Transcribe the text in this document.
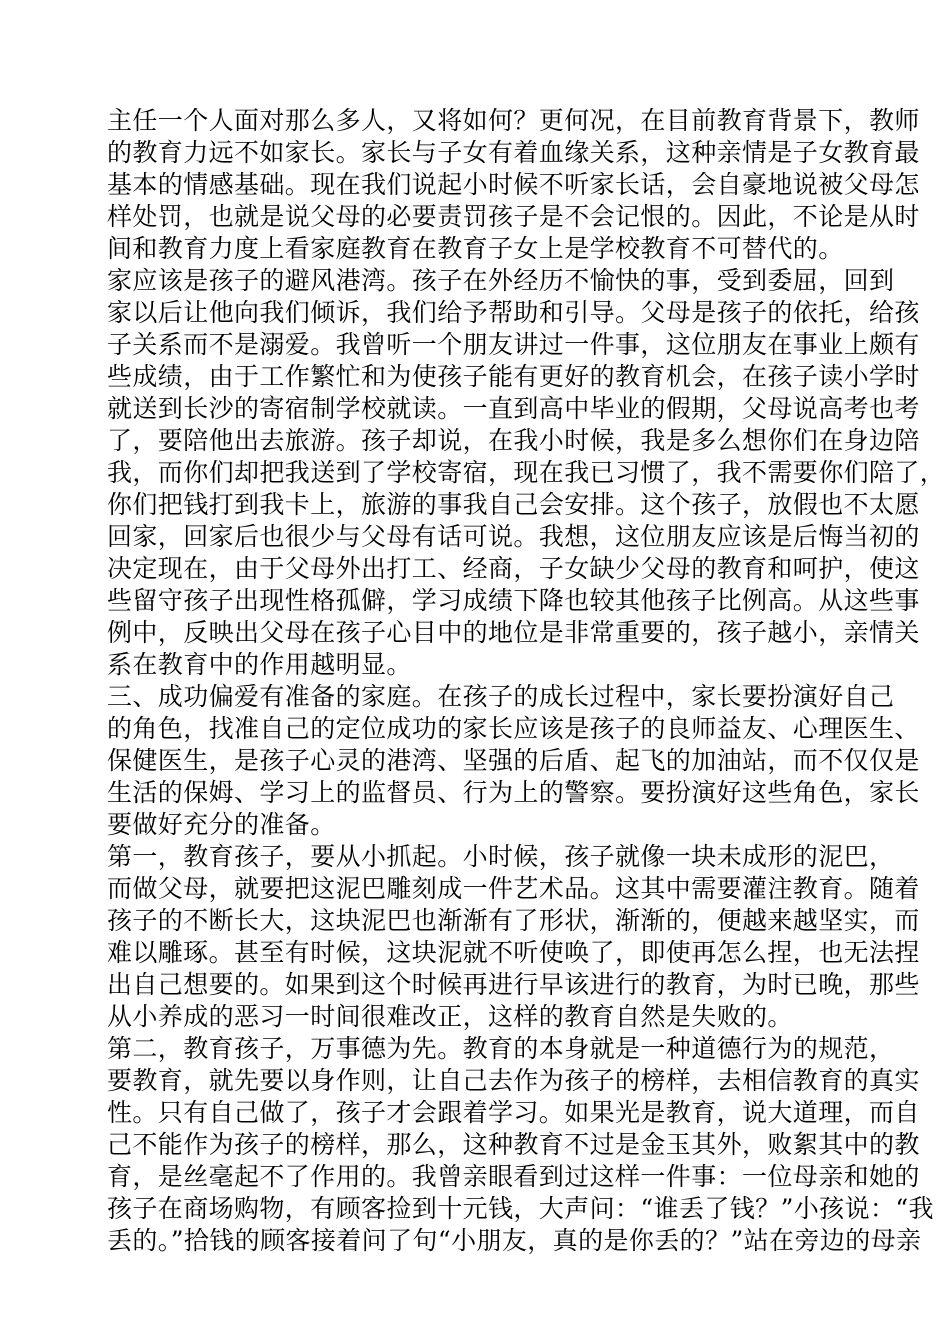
主任一个人面对那么多人，又将如何？更何况，在目前教育背景下，教师
的教育力远不如家长。家长与子女有着血缘关系，这种亲情是子女教育最
基本的情感基础。现在我们说起小时候不听家长话，会自豪地说被父母怎
样处罚，也就是说父母的必要责罚孩子是不会记恨的。因此，不论是从时
间和教育力度上看家庭教育在教育子女上是学校教育不可替代的。
家应该是孩子的避风港湾。孩子在外经历不愉快的事，受到委屈，回到
家以后让他向我们倾诉，我们给予帮助和引导。父母是孩子的依托，给孩
子关系而不是溺爱。我曾听一个朋友讲过一件事，这位朋友在事业上颇有
些成绩，由于工作繁忙和为使孩子能有更好的教育机会，在孩子读小学时
就送到长沙的寄宿制学校就读。一直到高中毕业的假期，父母说高考也考
了，要陪他出去旅游。孩子却说，在我小时候，我是多么想你们在身边陪
我，而你们却把我送到了学校寄宿，现在我已习惯了，我不需要你们陪了，
你们把钱打到我卡上，旅游的事我自己会安排。这个孩子，放假也不太愿
回家，回家后也很少与父母有话可说。我想，这位朋友应该是后悔当初的
决定现在，由于父母外出打工、经商，子女缺少父母的教育和呵护，使这
些留守孩子出现性格孤僻，学习成绩下降也较其他孩子比例高。从这些事
例中，反映出父母在孩子心目中的地位是非常重要的，孩子越小，亲情关
系在教育中的作用越明显。
三、成功偏爱有准备的家庭。在孩子的成长过程中，家长要扮演好自己
的角色，找准自己的定位成功的家长应该是孩子的良师益友、心理医生、
保健医生，是孩子心灵的港湾、坚强的后盾、起飞的加油站，而不仅仅是
生活的保姆、学习上的监督员、行为上的警察。要扮演好这些角色，家长
要做好充分的准备。
第一，教育孩子，要从小抓起。小时候，孩子就像一块未成形的泥巴，
而做父母，就要把这泥巴雕刻成一件艺术品。这其中需要灌注教育。随着
孩子的不断长大，这块泥巴也渐渐有了形状，渐渐的，便越来越坚实，而
难以雕琢。甚至有时候，这块泥就不听使唤了，即使再怎么捏，也无法捏
出自己想要的。如果到这个时候再进行早该进行的教育，为时已晚，那些
从小养成的恶习一时间很难改正，这样的教育自然是失败的。
第二，教育孩子，万事德为先。教育的本身就是一种道德行为的规范，
要教育，就先要以身作则，让自己去作为孩子的榜样，去相信教育的真实
性。只有自己做了，孩子才会跟着学习。如果光是教育，说大道理，而自
己不能作为孩子的榜样，那么，这种教育不过是金玉其外，败絮其中的教
育，是丝毫起不了作用的。我曾亲眼看到过这样一件事：一位母亲和她的
孩子在商场购物，有顾客捡到十元钱，大声问：“谁丢了钱？”小孩说：“我
丢的。”拾钱的顾客接着问了句“小朋友，真的是你丢的？”站在旁边的母亲
